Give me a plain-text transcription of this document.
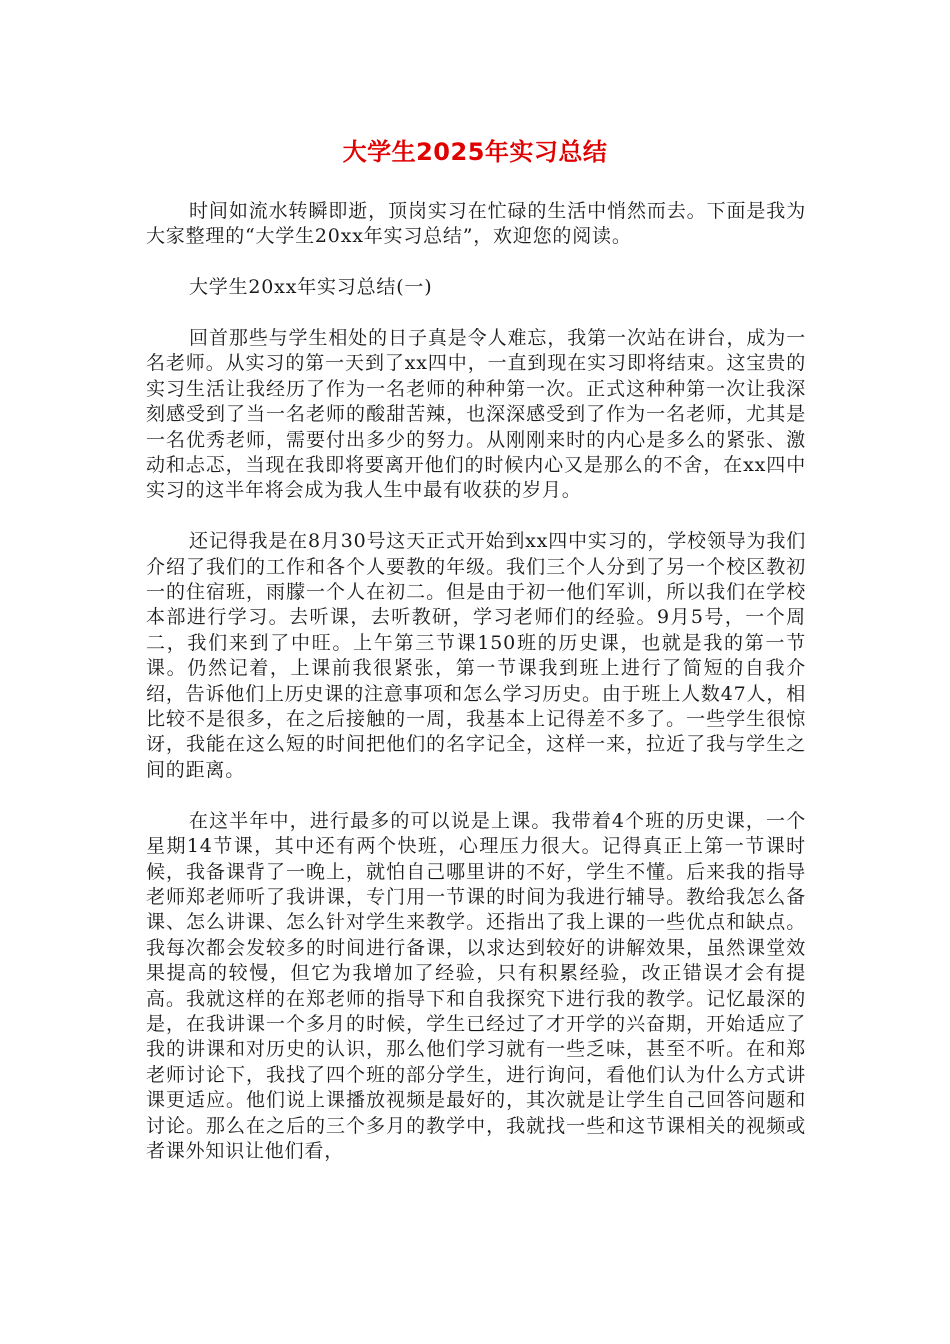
大学生2025年实习总结

时间如流水转瞬即逝，顶岗实习在忙碌的生活中悄然而去。下面是我为大家整理的“大学生20xx年实习总结”，欢迎您的阅读。

大学生20xx年实习总结(一)

回首那些与学生相处的日子真是令人难忘，我第一次站在讲台，成为一名老师。从实习的第一天到了xx四中，一直到现在实习即将结束。这宝贵的实习生活让我经历了作为一名老师的种种第一次。正式这种种第一次让我深刻感受到了当一名老师的酸甜苦辣，也深深感受到了作为一名老师，尤其是一名优秀老师，需要付出多少的努力。从刚刚来时的内心是多么的紧张、激动和忐忑，当现在我即将要离开他们的时候内心又是那么的不舍，在xx四中实习的这半年将会成为我人生中最有收获的岁月。

还记得我是在8月30号这天正式开始到xx四中实习的，学校领导为我们介绍了我们的工作和各个人要教的年级。我们三个人分到了另一个校区教初一的住宿班，雨朦一个人在初二。但是由于初一他们军训，所以我们在学校本部进行学习。去听课，去听教研，学习老师们的经验。9月5号，一个周二，我们来到了中旺。上午第三节课150班的历史课，也就是我的第一节课。仍然记着，上课前我很紧张，第一节课我到班上进行了简短的自我介绍，告诉他们上历史课的注意事项和怎么学习历史。由于班上人数47人，相比较不是很多，在之后接触的一周，我基本上记得差不多了。一些学生很惊讶，我能在这么短的时间把他们的名字记全，这样一来，拉近了我与学生之间的距离。

在这半年中，进行最多的可以说是上课。我带着4个班的历史课，一个星期14节课，其中还有两个快班，心理压力很大。记得真正上第一节课时候，我备课背了一晚上，就怕自己哪里讲的不好，学生不懂。后来我的指导老师郑老师听了我讲课，专门用一节课的时间为我进行辅导。教给我怎么备课、怎么讲课、怎么针对学生来教学。还指出了我上课的一些优点和缺点。我每次都会发较多的时间进行备课，以求达到较好的讲解效果，虽然课堂效果提高的较慢，但它为我增加了经验，只有积累经验，改正错误才会有提高。我就这样的在郑老师的指导下和自我探究下进行我的教学。记忆最深的是，在我讲课一个多月的时候，学生已经过了才开学的兴奋期，开始适应了我的讲课和对历史的认识，那么他们学习就有一些乏味，甚至不听。在和郑老师讨论下，我找了四个班的部分学生，进行询问，看他们认为什么方式讲课更适应。他们说上课播放视频是最好的，其次就是让学生自己回答问题和讨论。那么在之后的三个多月的教学中，我就找一些和这节课相关的视频或者课外知识让他们看，
